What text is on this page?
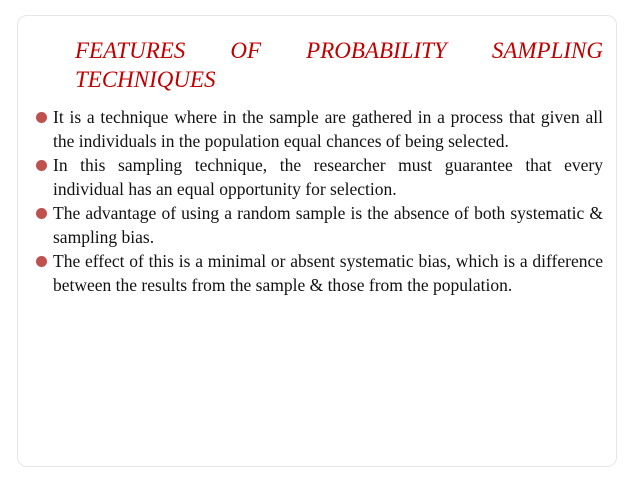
FEATURES OF PROBABILITY SAMPLING
TECHNIQUES
It is a technique where in the sample are gathered in a process that given all the individuals in the population equal chances of being selected.
In this sampling technique, the researcher must guarantee that every individual has an equal opportunity for selection.
The advantage of using a random sample is the absence of both systematic & sampling bias.
The effect of this is a minimal or absent systematic bias, which is a difference between the results from the sample & those from the population.
